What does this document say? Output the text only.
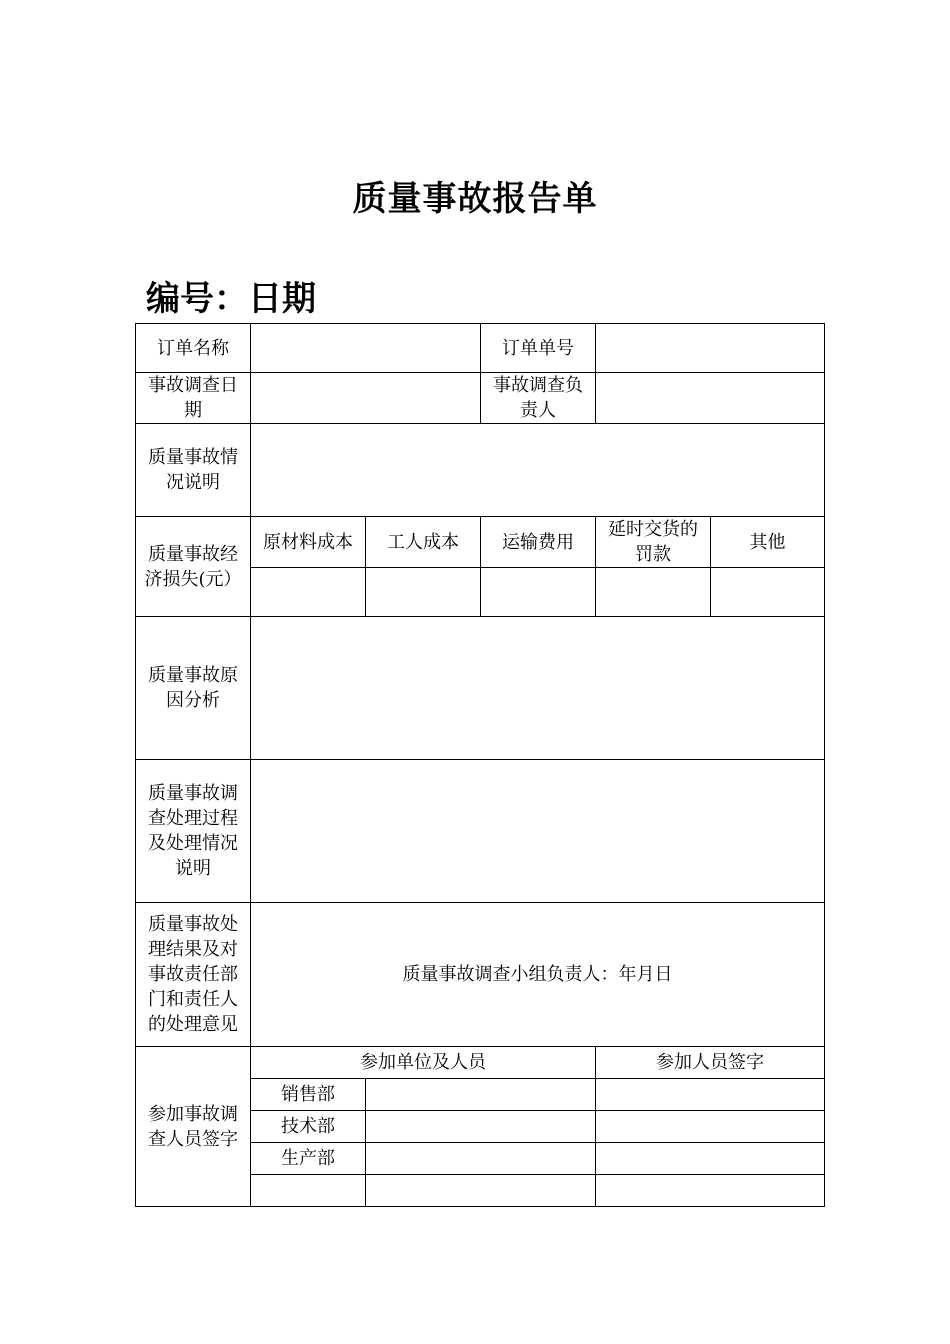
质量事故报告单
编号：日期
订单名称			订单单号		
事故调查日期			事故调查负责人		
质量事故情况说明					
质量事故经济损失(元）	原材料成本	工人成本	运输费用	延时交货的罚款	其他

质量事故原因分析					
质量事故调查处理过程及处理情况说明					
质量事故处理结果及对事故责任部门和责任人的处理意见	质量事故调查小组负责人：年月日				
参加事故调查人员签字	参加单位及人员			参加人员签字	
	销售部				
	技术部				
	生产部				
